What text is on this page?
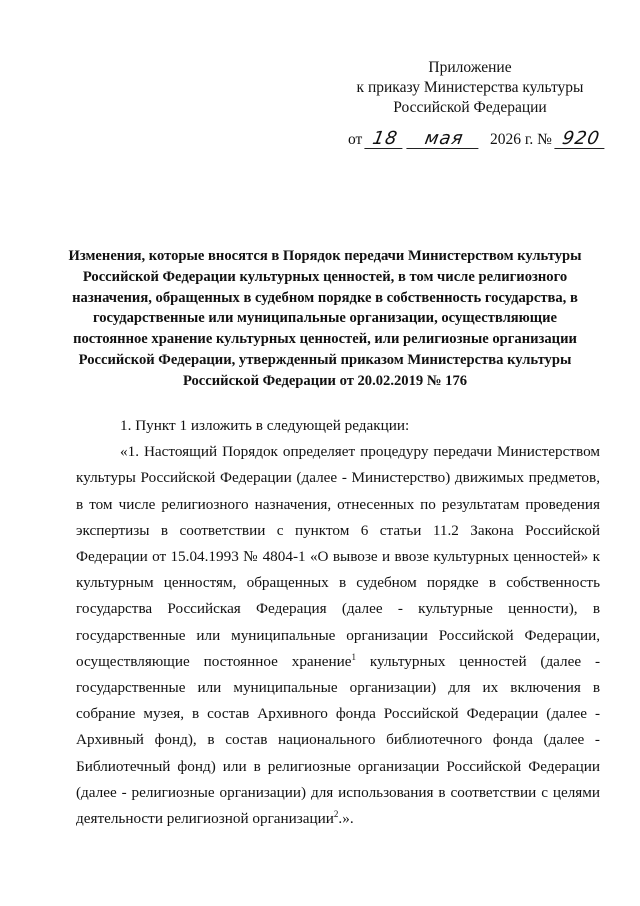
Приложение
к приказу Министерства культуры
Российской Федерации
от 18 мая 2026 г. № 920
Изменения, которые вносятся в Порядок передачи Министерством культуры Российской Федерации культурных ценностей, в том числе религиозного назначения, обращенных в судебном порядке в собственность государства, в государственные или муниципальные организации, осуществляющие постоянное хранение культурных ценностей, или религиозные организации Российской Федерации, утвержденный приказом Министерства культуры Российской Федерации от 20.02.2019 № 176

1. Пункт 1 изложить в следующей редакции:

«1. Настоящий Порядок определяет процедуру передачи Министерством культуры Российской Федерации (далее - Министерство) движимых предметов, в том числе религиозного назначения, отнесенных по результатам проведения экспертизы в соответствии с пунктом 6 статьи 11.2 Закона Российской Федерации от 15.04.1993 № 4804-1 «О вывозе и ввозе культурных ценностей» к культурным ценностям, обращенных в судебном порядке в собственность государства Российская Федерация (далее - культурные ценности), в государственные или муниципальные организации Российской Федерации, осуществляющие постоянное хранение$^1$ культурных ценностей (далее - государственные или муниципальные организации) для их включения в собрание музея, в состав Архивного фонда Российской Федерации (далее - Архивный фонд), в состав национального библиотечного фонда (далее - Библиотечный фонд) или в религиозные организации Российской Федерации (далее - религиозные организации) для использования в соответствии с целями деятельности религиозной организации$^2$.».
